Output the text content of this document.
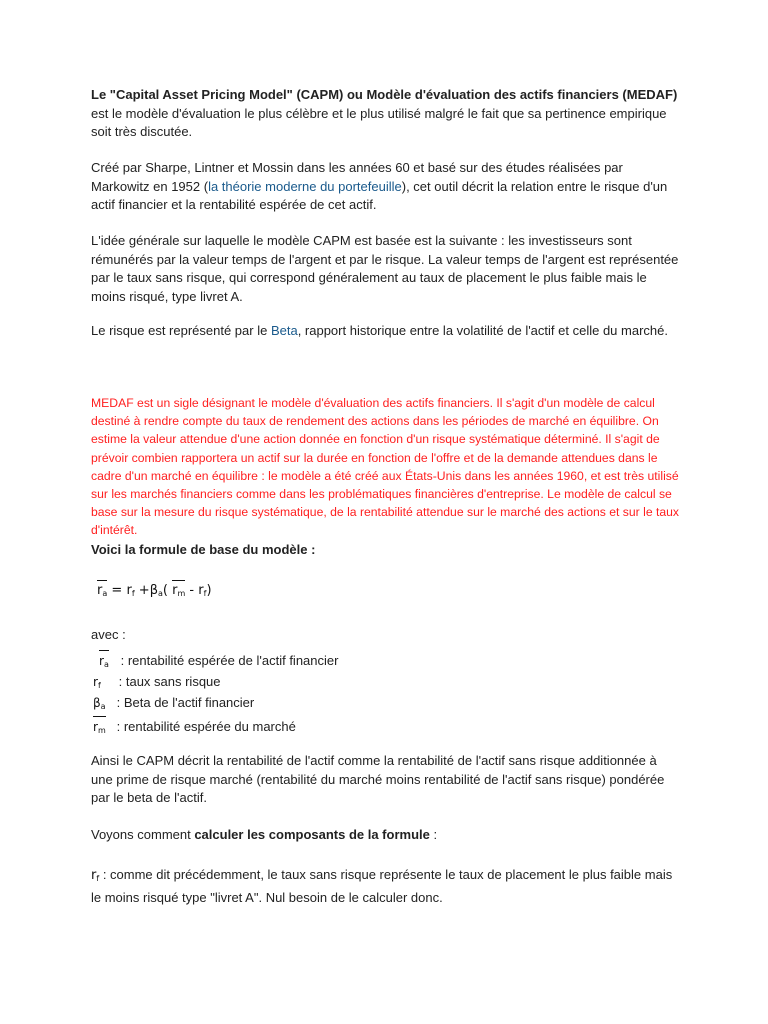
Le "Capital Asset Pricing Model" (CAPM) ou Modèle d'évaluation des actifs financiers (MEDAF) est le modèle d'évaluation le plus célèbre et le plus utilisé malgré le fait que sa pertinence empirique soit très discutée.

Créé par Sharpe, Lintner et Mossin dans les années 60 et basé sur des études réalisées par Markowitz en 1952 (la théorie moderne du portefeuille), cet outil décrit la relation entre le risque d'un actif financier et la rentabilité espérée de cet actif.

L'idée générale sur laquelle le modèle CAPM est basée est la suivante : les investisseurs sont rémunérés par la valeur temps de l'argent et par le risque. La valeur temps de l'argent est représentée par le taux sans risque, qui correspond généralement au taux de placement le plus faible mais le moins risqué, type livret A.

Le risque est représenté par le Beta, rapport historique entre la volatilité de l'actif et celle du marché.

MEDAF est un sigle désignant le modèle d'évaluation des actifs financiers. Il s'agit d'un modèle de calcul destiné à rendre compte du taux de rendement des actions dans les périodes de marché en équilibre. On estime la valeur attendue d'une action donnée en fonction d'un risque systématique déterminé. Il s'agit de prévoir combien rapportera un actif sur la durée en fonction de l'offre et de la demande attendues dans le cadre d'un marché en équilibre : le modèle a été créé aux États-Unis dans les années 1960, et est très utilisé sur les marchés financiers comme dans les problématiques financières d'entreprise. Le modèle de calcul se base sur la mesure du risque systématique, de la rentabilité attendue sur le marché des actions et sur le taux d'intérêt.

Voici la formule de base du modèle :

$r_a = r_f +\beta_a$( $r_m - r_f$)

avec :

$r_a$ : rentabilité espérée de l'actif financier
$r_f$ : taux sans risque
$\beta_a$ : Beta de l'actif financier
$r_m$ : rentabilité espérée du marché

Ainsi le CAPM décrit la rentabilité de l'actif comme la rentabilité de l'actif sans risque additionnée à une prime de risque marché (rentabilité du marché moins rentabilité de l'actif sans risque) pondérée par le beta de l'actif.

Voyons comment calculer les composants de la formule :

$r_f$ : comme dit précédemment, le taux sans risque représente le taux de placement le plus faible mais le moins risqué type "livret A". Nul besoin de le calculer donc.
